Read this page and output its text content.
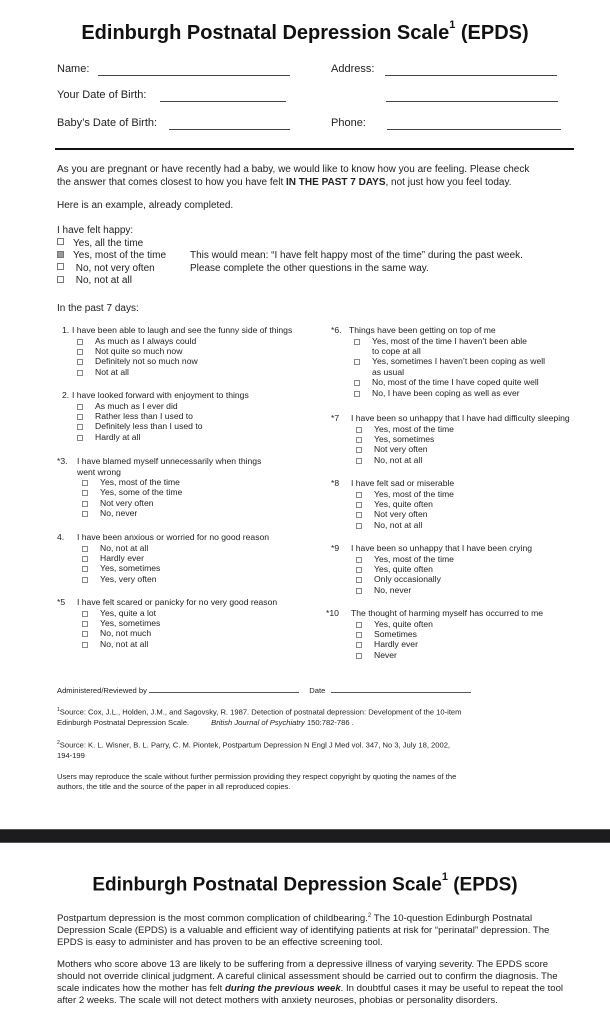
Edinburgh Postnatal Depression Scale$^1$ (EPDS)
Name:	Address:
Your Date of Birth:
Baby’s Date of Birth:	Phone:
As you are pregnant or have recently had a baby, we would like to know how you are feeling. Please check
the answer that comes closest to how you have felt IN THE PAST 7 DAYS, not just how you feel today.
Here is an example, already completed.
I have felt happy:
Yes, all the time
Yes, most of the time
No, not very often
No, not at all
This would mean: “I have felt happy most of the time” during the past week.
Please complete the other questions in the same way.
In the past 7 days:
1. I have been able to laugh and see the funny side of things
As much as I always could
Not quite so much now
Definitely not so much now
Not at all
2. I have looked forward with enjoyment to things
As much as I ever did
Rather less than I used to
Definitely less than I used to
Hardly at all
*3. I have blamed myself unnecessarily when things
went wrong
Yes, most of the time
Yes, some of the time
Not very often
No, never
4. I have been anxious or worried for no good reason
No, not at all
Hardly ever
Yes, sometimes
Yes, very often
*5 I have felt scared or panicky for no very good reason
Yes, quite a lot
Yes, sometimes
No, not much
No, not at all
*6. Things have been getting on top of me
Yes, most of the time I haven’t been able
to cope at all
Yes, sometimes I haven’t been coping as well
as usual
No, most of the time I have coped quite well
No, I have been coping as well as ever
*7 I have been so unhappy that I have had difficulty sleeping
Yes, most of the time
Yes, sometimes
Not very often
No, not at all
*8 I have felt sad or miserable
Yes, most of the time
Yes, quite often
Not very often
No, not at all
*9 I have been so unhappy that I have been crying
Yes, most of the time
Yes, quite often
Only occasionally
No, never
*10 The thought of harming myself has occurred to me
Yes, quite often
Sometimes
Hardly ever
Never
Administered/Reviewed by	Date
$^1$Source: Cox, J.L., Holden, J.M., and Sagovsky, R. 1987. Detection of postnatal depression: Development of the 10-item
Edinburgh Postnatal Depression Scale.	British Journal of Psychiatry 150:782-786 .
$^2$Source: K. L. Wisner, B. L. Parry, C. M. Piontek, Postpartum Depression N Engl J Med vol. 347, No 3, July 18, 2002,
194-199
Users may reproduce the scale without further permission providing they respect copyright by quoting the names of the
authors, the title and the source of the paper in all reproduced copies.
Edinburgh Postnatal Depression Scale$^1$ (EPDS)
Postpartum depression is the most common complication of childbearing.$^2$ The 10-question Edinburgh Postnatal Depression Scale (EPDS) is a valuable and efficient way of identifying patients at risk for “perinatal” depression. The EPDS is easy to administer and has proven to be an effective screening tool.
Mothers who score above 13 are likely to be suffering from a depressive illness of varying severity. The EPDS score should not override clinical judgment. A careful clinical assessment should be carried out to confirm the diagnosis. The scale indicates how the mother has felt during the previous week. In doubtful cases it may be useful to repeat the tool after 2 weeks. The scale will not detect mothers with anxiety neuroses, phobias or personality disorders.
